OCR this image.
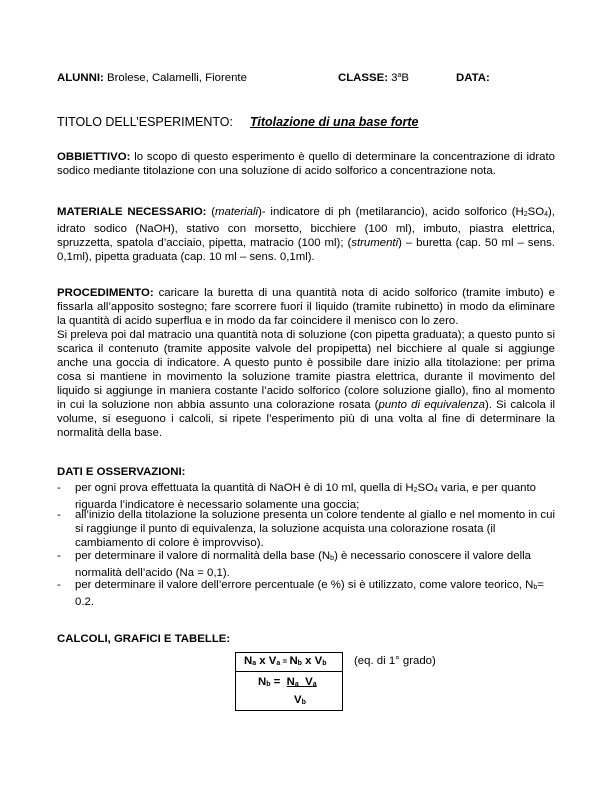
ALUNNI: Brolese, Calamelli, Fiorente	CLASSE: 3$^a$B	DATA:
TITOLO DELL’ESPERIMENTO: Titolazione di una base forte
OBBIETTIVO: lo scopo di questo esperimento è quello di determinare la concentrazione di idrato sodico mediante titolazione con una soluzione di acido solforico a concentrazione nota.
MATERIALE NECESSARIO: (materiali)- indicatore di ph (metilarancio), acido solforico $(H_2SO_4)$, idrato sodico (NaOH), stativo con morsetto, bicchiere (100 ml), imbuto, piastra elettrica, spruzzetta, spatola d’acciaio, pipetta, matracio (100 ml); (strumenti) – buretta (cap. 50 ml – sens. 0,1ml), pipetta graduata (cap. 10 ml – sens. 0,1ml).
PROCEDIMENTO: caricare la buretta di una quantità nota di acido solforico (tramite imbuto) e fissarla all’apposito sostegno; fare scorrere fuori il liquido (tramite rubinetto) in modo da eliminare la quantità di acido superflua e in modo da far coincidere il menisco con lo zero.
Si preleva poi dal matracio una quantità nota di soluzione (con pipetta graduata); a questo punto si scarica il contenuto (tramite apposite valvole del propipetta) nel bicchiere al quale si aggiunge anche una goccia di indicatore. A questo punto è possibile dare inizio alla titolazione: per prima cosa si mantiene in movimento la soluzione tramite piastra elettrica, durante il movimento del liquido si aggiunge in maniera costante l’acido solforico (colore soluzione giallo), fino al momento in cui la soluzione non abbia assunto una colorazione rosata (punto di equivalenza). Si calcola il volume, si eseguono i calcoli, si ripete l’esperimento più di una volta al fine di determinare la normalità della base.
DATI E OSSERVAZIONI:
- per ogni prova effettuata la quantità di NaOH è di 10 ml, quella di $H_2SO_4$ varia, e per quanto riguarda l’indicatore è necessario solamente una goccia;
- all’inizio della titolazione la soluzione presenta un colore tendente al giallo e nel momento in cui si raggiunge il punto di equivalenza, la soluzione acquista una colorazione rosata (il cambiamento di colore è improvviso).
- per determinare il valore di normalità della base $(N_b)$ è necessario conoscere il valore della normalità dell’acido (Na = 0,1).
- per determinare il valore dell’errore percentuale (e %) si è utilizzato, come valore teorico, $N_b= 0.2$.
CALCOLI, GRAFICI E TABELLE:
$N_a$ x $V_a = N_b$ x $V_b$ (eq. di 1° grado)
$N_b = N_a$ $V_a$
$V_b$
